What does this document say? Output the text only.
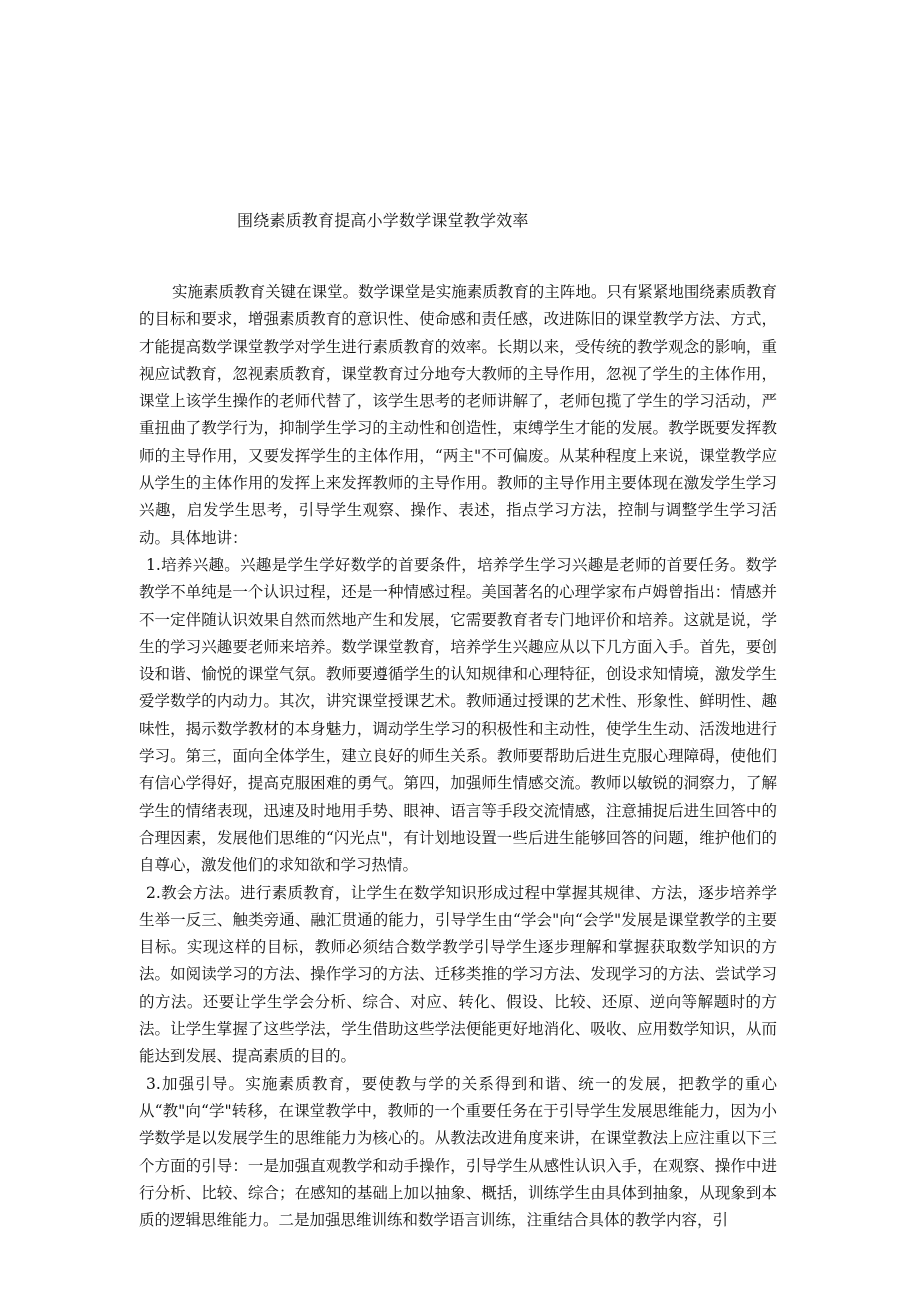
围绕素质教育提高小学数学课堂教学效率

实施素质教育关键在课堂。数学课堂是实施素质教育的主阵地。只有紧紧地围绕素质教育的目标和要求，增强素质教育的意识性、使命感和责任感，改进陈旧的课堂教学方法、方式，才能提高数学课堂教学对学生进行素质教育的效率。长期以来，受传统的教学观念的影响，重视应试教育，忽视素质教育，课堂教育过分地夸大教师的主导作用，忽视了学生的主体作用，课堂上该学生操作的老师代替了，该学生思考的老师讲解了，老师包揽了学生的学习活动，严重扭曲了教学行为，抑制学生学习的主动性和创造性，束缚学生才能的发展。教学既要发挥教师的主导作用，又要发挥学生的主体作用，“两主"不可偏废。从某种程度上来说，课堂教学应从学生的主体作用的发挥上来发挥教师的主导作用。教师的主导作用主要体现在激发学生学习兴趣，启发学生思考，引导学生观察、操作、表述，指点学习方法，控制与调整学生学习活动。具体地讲：

1.培养兴趣。兴趣是学生学好数学的首要条件，培养学生学习兴趣是老师的首要任务。数学教学不单纯是一个认识过程，还是一种情感过程。美国著名的心理学家布卢姆曾指出：情感并不一定伴随认识效果自然而然地产生和发展，它需要教育者专门地评价和培养。这就是说，学生的学习兴趣要老师来培养。数学课堂教育，培养学生兴趣应从以下几方面入手。首先，要创设和谐、愉悦的课堂气氛。教师要遵循学生的认知规律和心理特征，创设求知情境，激发学生爱学数学的内动力。其次，讲究课堂授课艺术。教师通过授课的艺术性、形象性、鲜明性、趣味性，揭示数学教材的本身魅力，调动学生学习的积极性和主动性，使学生生动、活泼地进行学习。第三，面向全体学生，建立良好的师生关系。教师要帮助后进生克服心理障碍，使他们有信心学得好，提高克服困难的勇气。第四，加强师生情感交流。教师以敏锐的洞察力，了解学生的情绪表现，迅速及时地用手势、眼神、语言等手段交流情感，注意捕捉后进生回答中的合理因素，发展他们思维的“闪光点"，有计划地设置一些后进生能够回答的问题，维护他们的自尊心，激发他们的求知欲和学习热情。

2.教会方法。进行素质教育，让学生在数学知识形成过程中掌握其规律、方法，逐步培养学生举一反三、触类旁通、融汇贯通的能力，引导学生由“学会"向“会学"发展是课堂教学的主要目标。实现这样的目标，教师必须结合数学教学引导学生逐步理解和掌握获取数学知识的方法。如阅读学习的方法、操作学习的方法、迁移类推的学习方法、发现学习的方法、尝试学习的方法。还要让学生学会分析、综合、对应、转化、假设、比较、还原、逆向等解题时的方法。让学生掌握了这些学法，学生借助这些学法便能更好地消化、吸收、应用数学知识，从而能达到发展、提高素质的目的。

3.加强引导。实施素质教育，要使教与学的关系得到和谐、统一的发展，把教学的重心从“教"向“学"转移，在课堂教学中，教师的一个重要任务在于引导学生发展思维能力，因为小学数学是以发展学生的思维能力为核心的。从教法改进角度来讲，在课堂教法上应注重以下三个方面的引导：一是加强直观教学和动手操作，引导学生从感性认识入手，在观察、操作中进行分析、比较、综合；在感知的基础上加以抽象、概括，训练学生由具体到抽象，从现象到本质的逻辑思维能力。二是加强思维训练和数学语言训练，注重结合具体的教学内容，引
